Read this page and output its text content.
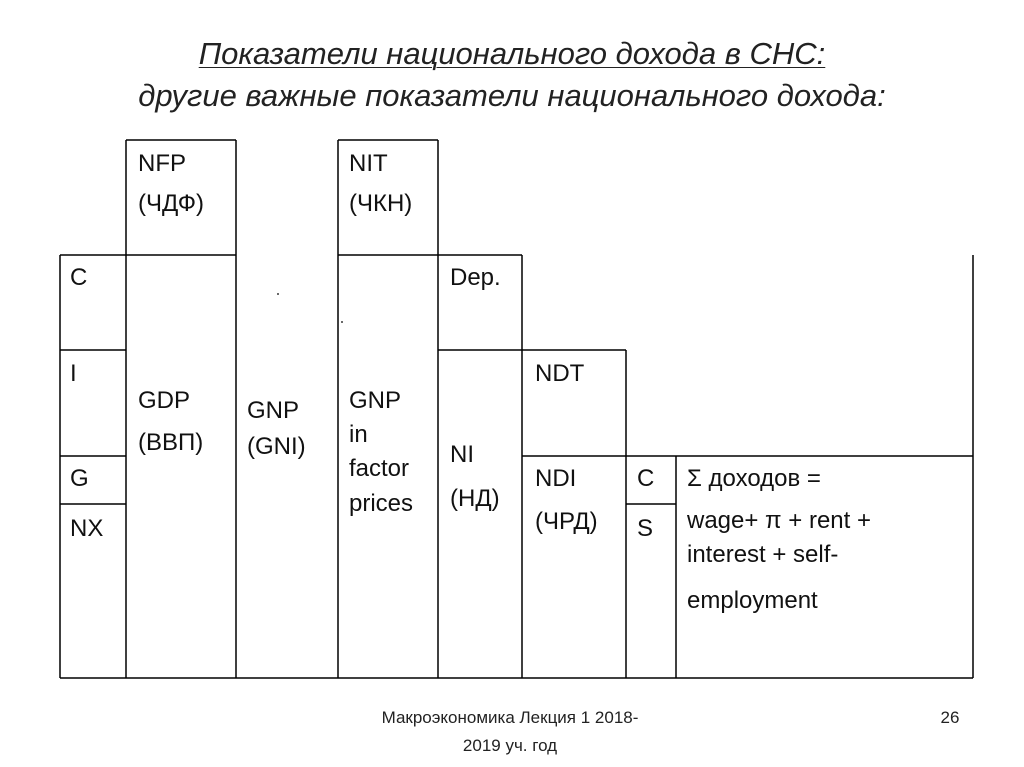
Показатели национального дохода в СНС:
другие важные показатели национального дохода:
NFP
(ЧДФ)
NIT
(ЧКН)
C
I
G
NX
GDP
(ВВП)
GNP
(GNI)
GNP
in
factor
prices
Dep.
NDT
NI
(НД)
NDI
(ЧРД)
C
S
Σ доходов =
wage+ π + rent +
interest + self-
employment
Макроэкономика Лекция 1 2018-
2019 уч. год
26
